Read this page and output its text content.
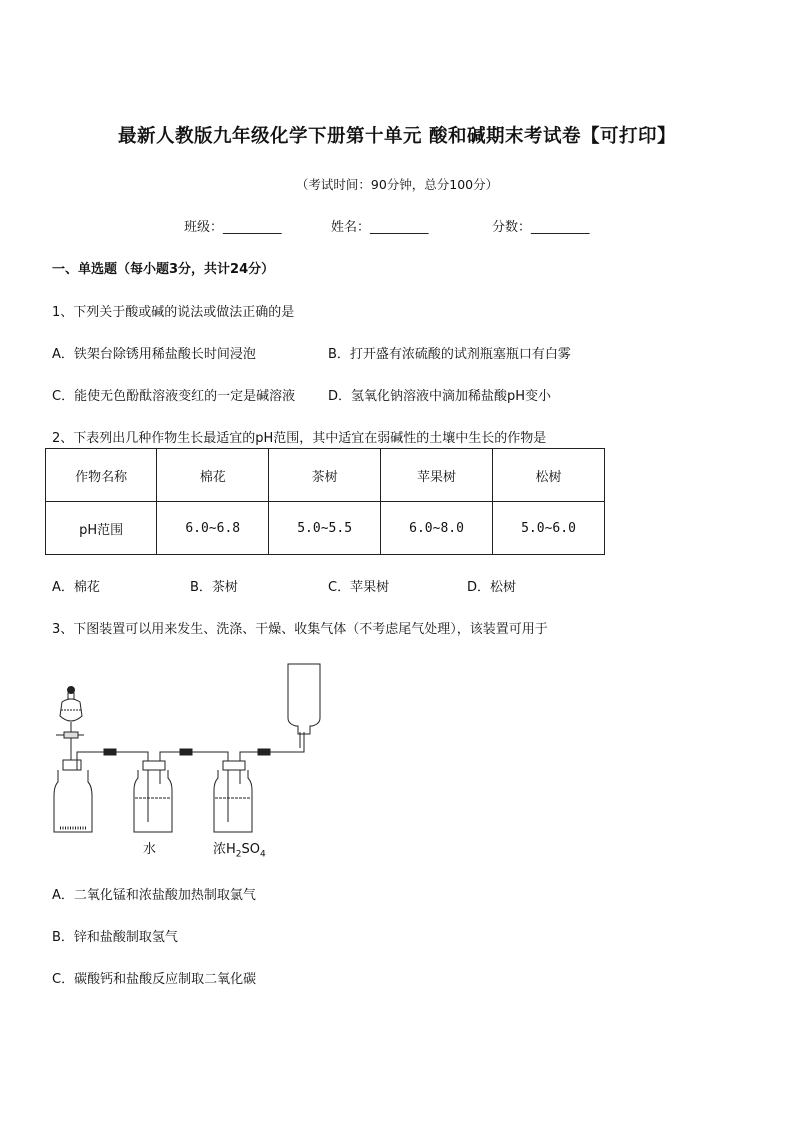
最新人教版九年级化学下册第十单元 酸和碱期末考试卷【可打印】
（考试时间：90分钟，总分100分）
班级：_________	姓名：_________	分数：_________
一、单选题（每小题3分，共计24分）
1、下列关于酸或碱的说法或做法正确的是
A．铁架台除锈用稀盐酸长时间浸泡	B．打开盛有浓硫酸的试剂瓶塞瓶口有白雾
C．能使无色酚酞溶液变红的一定是碱溶液	D．氢氧化钠溶液中滴加稀盐酸pH变小
2、下表列出几种作物生长最适宜的pH范围，其中适宜在弱碱性的土壤中生长的作物是
作物名称	棉花	茶树	苹果树	松树
pH范围	6.0~6.8	5.0~5.5	6.0~8.0	5.0~6.0
A．棉花	B．茶树	C．苹果树	D．松树
3、下图装置可以用来发生、洗涤、干燥、收集气体（不考虑尾气处理），该装置可用于
水	浓$H_2SO_4$
A．二氧化锰和浓盐酸加热制取氯气
B．锌和盐酸制取氢气
C．碳酸钙和盐酸反应制取二氧化碳
